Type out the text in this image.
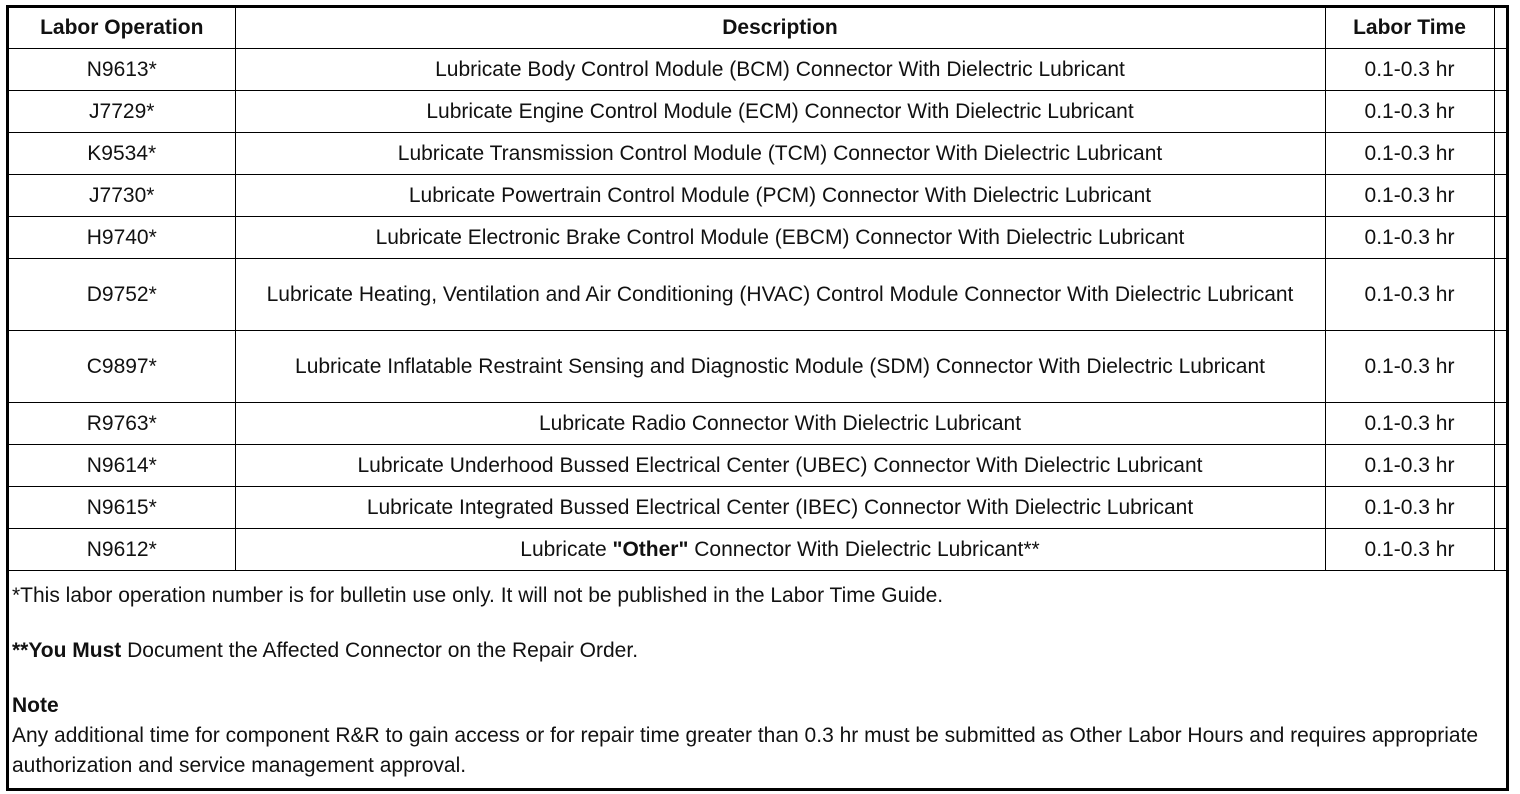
Labor Operation	Description	Labor Time	
N9613*	Lubricate Body Control Module (BCM) Connector With Dielectric Lubricant	0.1-0.3 hr	
J7729*	Lubricate Engine Control Module (ECM) Connector With Dielectric Lubricant	0.1-0.3 hr	
K9534*	Lubricate Transmission Control Module (TCM) Connector With Dielectric Lubricant	0.1-0.3 hr	
J7730*	Lubricate Powertrain Control Module (PCM) Connector With Dielectric Lubricant	0.1-0.3 hr	
H9740*	Lubricate Electronic Brake Control Module (EBCM) Connector With Dielectric Lubricant	0.1-0.3 hr	
D9752*	Lubricate Heating, Ventilation and Air Conditioning (HVAC) Control Module Connector With Dielectric Lubricant	0.1-0.3 hr	
C9897*	Lubricate Inflatable Restraint Sensing and Diagnostic Module (SDM) Connector With Dielectric Lubricant	0.1-0.3 hr	
R9763*	Lubricate Radio Connector With Dielectric Lubricant	0.1-0.3 hr	
N9614*	Lubricate Underhood Bussed Electrical Center (UBEC) Connector With Dielectric Lubricant	0.1-0.3 hr	
N9615*	Lubricate Integrated Bussed Electrical Center (IBEC) Connector With Dielectric Lubricant	0.1-0.3 hr	
N9612*	Lubricate "Other" Connector With Dielectric Lubricant**	0.1-0.3 hr	

*This labor operation number is for bulletin use only. It will not be published in the Labor Time Guide.

**You Must Document the Affected Connector on the Repair Order.

Note

Any additional time for component R&R to gain access or for repair time greater than 0.3 hr must be submitted as Other Labor Hours and requires appropriate authorization and service management approval.
